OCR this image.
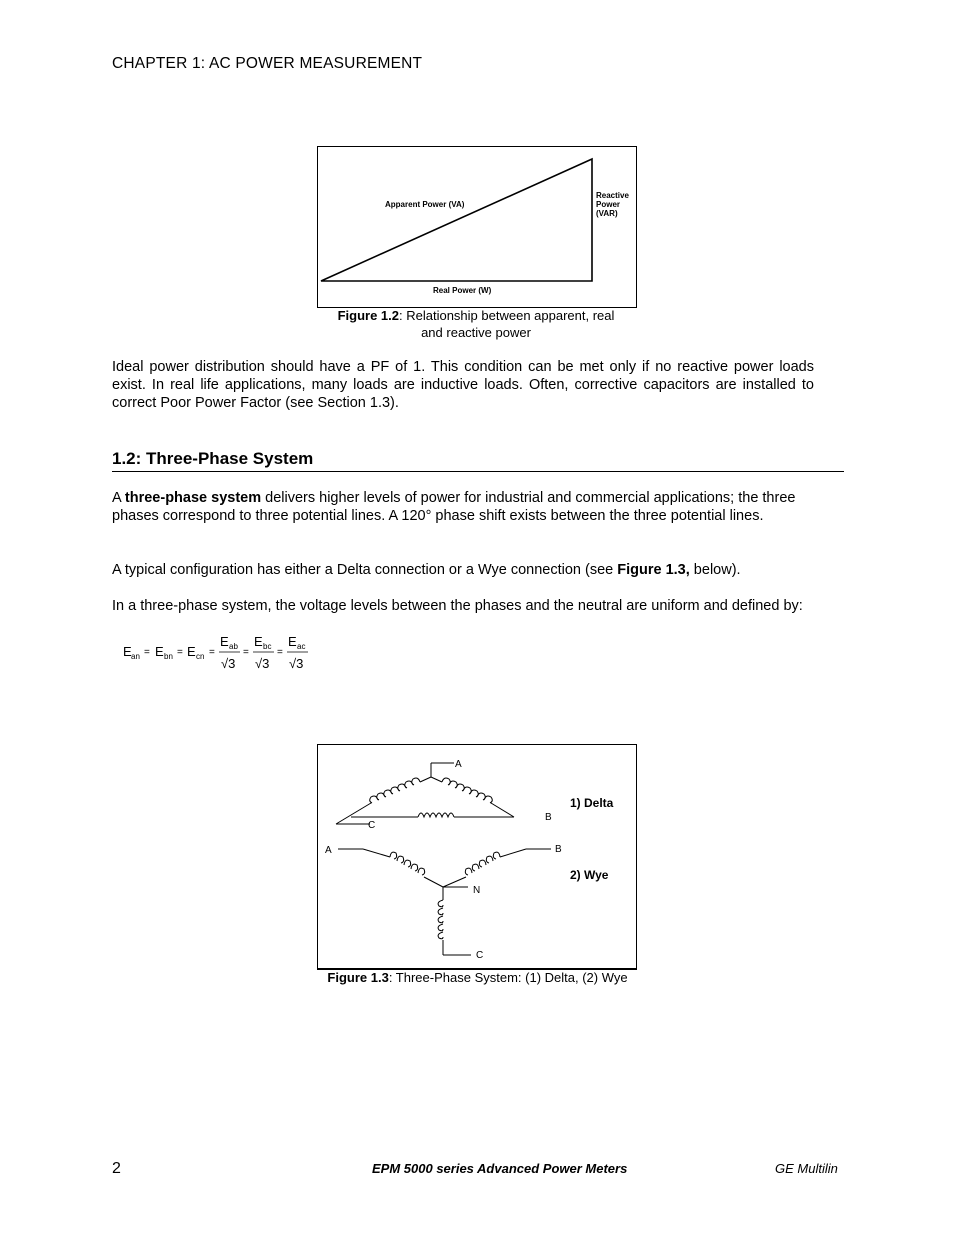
CHAPTER 1: AC POWER MEASUREMENT
Apparent Power (VA)
Reactive
Power
(VAR)
Real Power (W)
Figure 1.2: Relationship between apparent, real
and reactive power
Ideal power distribution should have a PF of 1. This condition can be met only if no reactive power loads exist. In real life applications, many loads are inductive loads. Often, corrective capacitors are installed to correct Poor Power Factor (see Section 1.3).
1.2: Three-Phase System
A three-phase system delivers higher levels of power for industrial and commercial applications; the three phases correspond to three potential lines. A 120° phase shift exists between the three potential lines.
A typical configuration has either a Delta connection or a Wye connection (see Figure 1.3, below).
In a three-phase system, the voltage levels between the phases and the neutral are uniform and defined by:
E an = E bn = E cn =
E ab
√3
=
E bc
√3
=
E ac
√3
A
B
C
1) Delta
A	B
N
C
2) Wye
Figure 1.3: Three-Phase System: (1) Delta, (2) Wye
2	EPM 5000 series Advanced Power Meters	GE Multilin
